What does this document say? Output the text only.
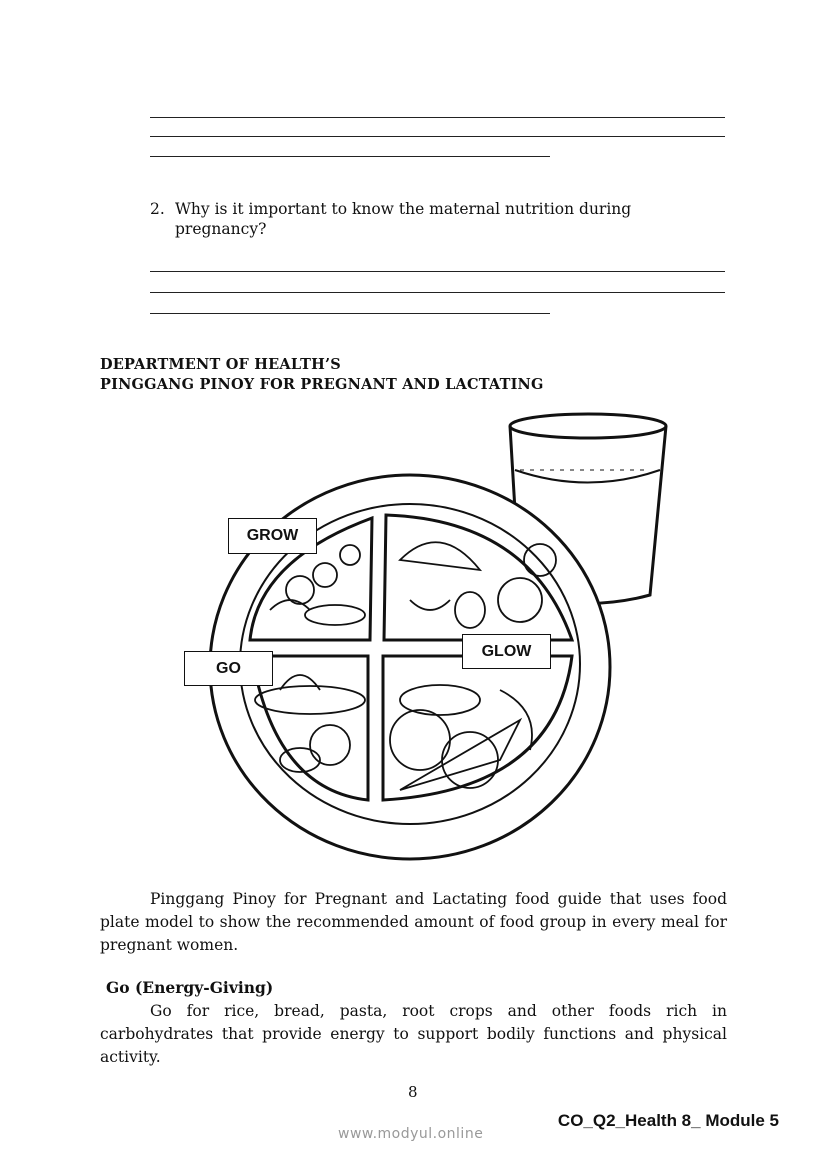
2. Why is it important to know the maternal nutrition during
pregnancy?
DEPARTMENT OF HEALTH’S
PINGGANG PINOY FOR PREGNANT AND LACTATING
GROW
GO
GLOW
Pinggang Pinoy for Pregnant and Lactating food guide that uses food plate model to show the recommended amount of food group in every meal for pregnant women.
Go (Energy-Giving)
Go for rice, bread, pasta, root crops and other foods rich in carbohydrates that provide energy to support bodily functions and physical activity.
8
CO_Q2_Health 8_ Module 5
www.modyul.online
